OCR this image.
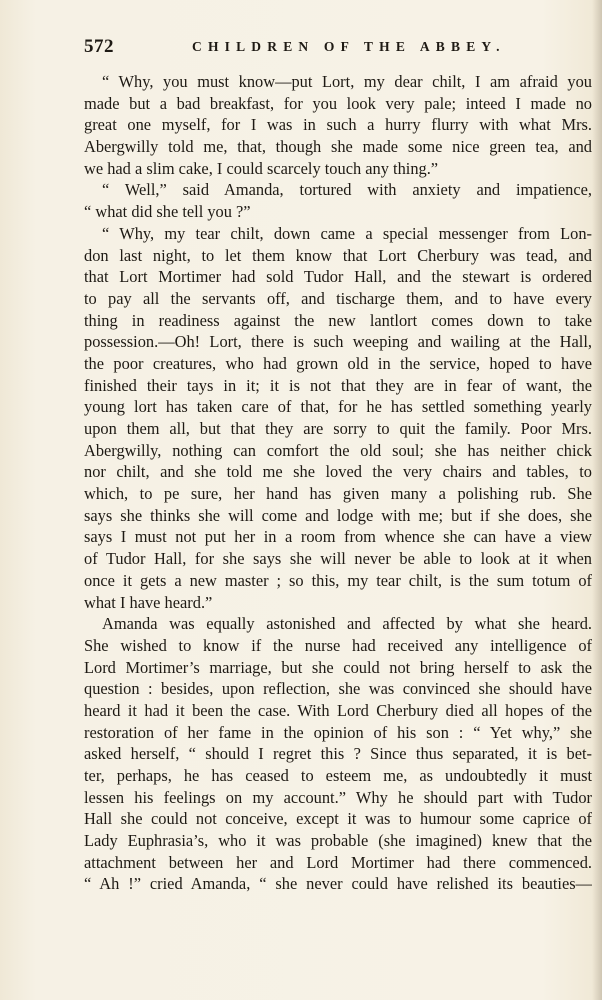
572	CHILDREN OF THE ABBEY.
“ Why, you must know—put Lort, my dear chilt, I am afraid you
made but a bad breakfast, for you look very pale; inteed I made no
great one myself, for I was in such a hurry flurry with what Mrs.
Abergwilly told me, that, though she made some nice green tea, and
we had a slim cake, I could scarcely touch any thing.”
“ Well,” said Amanda, tortured with anxiety and impatience,
“ what did she tell you ?”
“ Why, my tear chilt, down came a special messenger from Lon-
don last night, to let them know that Lort Cherbury was tead, and
that Lort Mortimer had sold Tudor Hall, and the stewart is ordered
to pay all the servants off, and tischarge them, and to have every
thing in readiness against the new lantlort comes down to take
possession.—Oh! Lort, there is such weeping and wailing at the Hall,
the poor creatures, who had grown old in the service, hoped to have
finished their tays in it; it is not that they are in fear of want, the
young lort has taken care of that, for he has settled something yearly
upon them all, but that they are sorry to quit the family. Poor Mrs.
Abergwilly, nothing can comfort the old soul; she has neither chick
nor chilt, and she told me she loved the very chairs and tables, to
which, to pe sure, her hand has given many a polishing rub. She
says she thinks she will come and lodge with me; but if she does, she
says I must not put her in a room from whence she can have a view
of Tudor Hall, for she says she will never be able to look at it when
once it gets a new master ; so this, my tear chilt, is the sum totum of
what I have heard.”
Amanda was equally astonished and affected by what she heard.
She wished to know if the nurse had received any intelligence of
Lord Mortimer’s marriage, but she could not bring herself to ask the
question : besides, upon reflection, she was convinced she should have
heard it had it been the case. With Lord Cherbury died all hopes of the
restoration of her fame in the opinion of his son : “ Yet why,” she
asked herself, “ should I regret this ? Since thus separated, it is bet-
ter, perhaps, he has ceased to esteem me, as undoubtedly it must
lessen his feelings on my account.” Why he should part with Tudor
Hall she could not conceive, except it was to humour some caprice of
Lady Euphrasia’s, who it was probable (she imagined) knew that the
attachment between her and Lord Mortimer had there commenced.
“ Ah !” cried Amanda, “ she never could have relished its beauties—
